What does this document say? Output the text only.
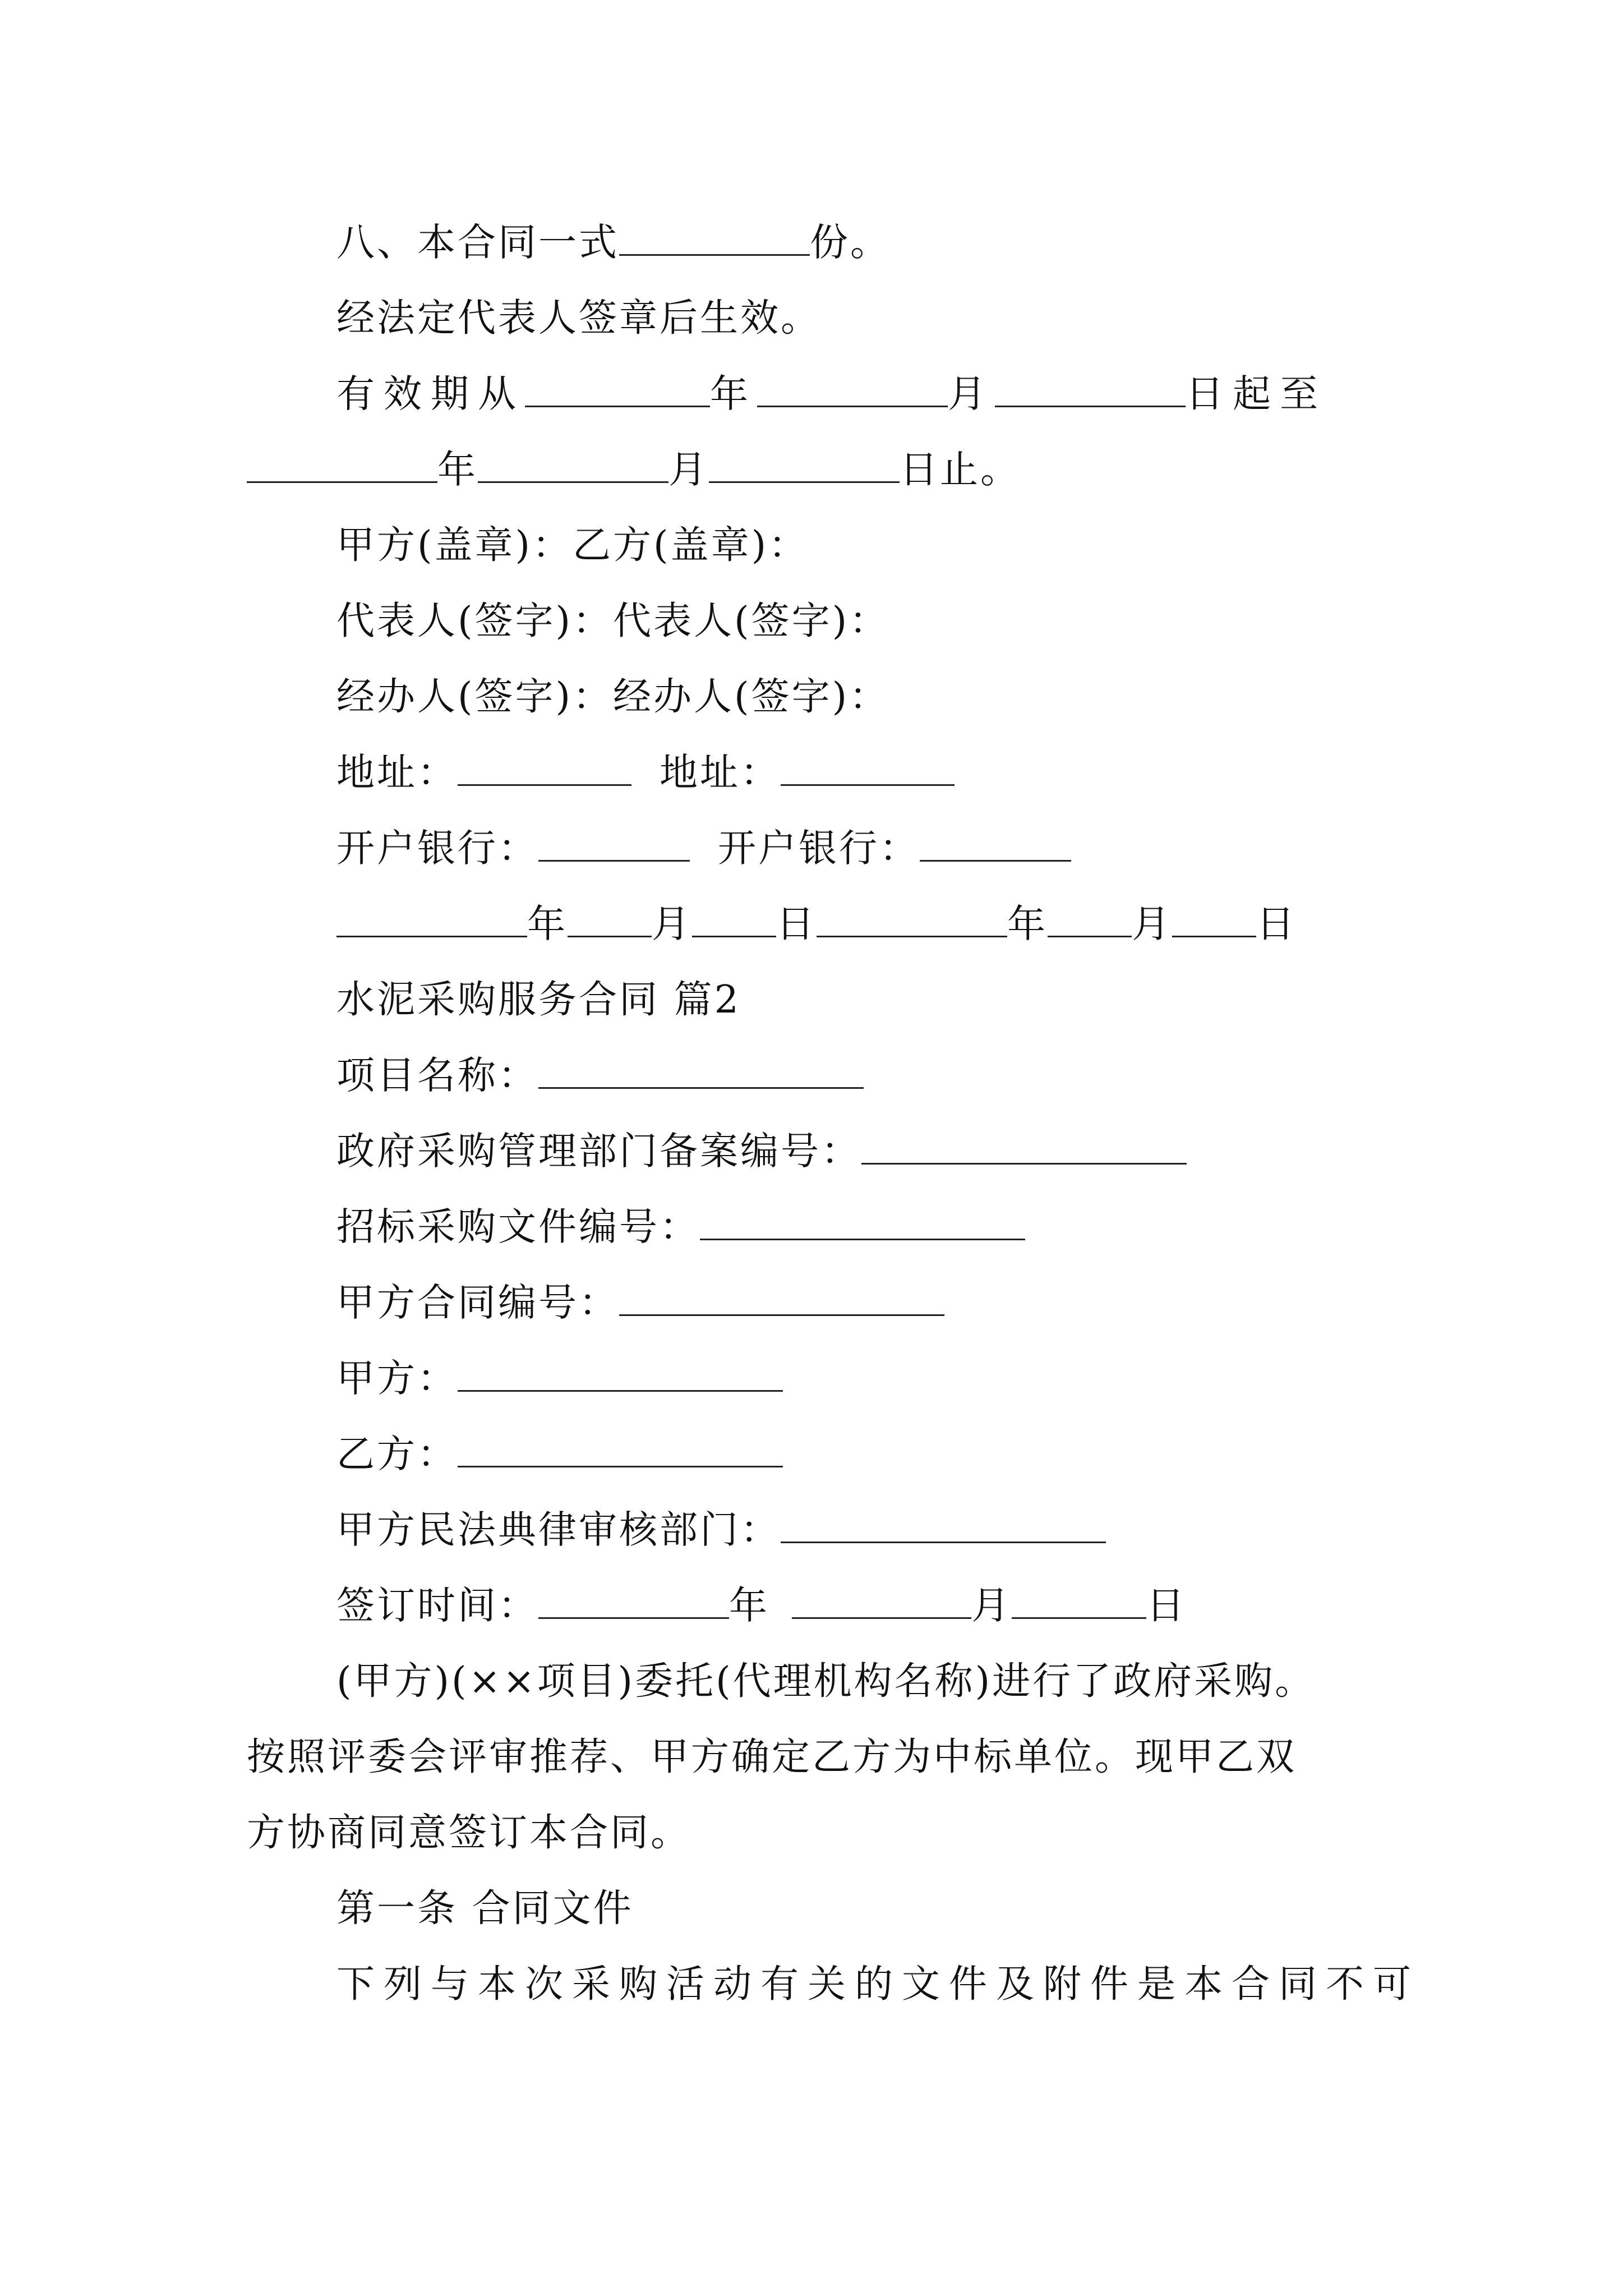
八、本合同一式	份。
经法定代表人签章后生效。
有效期从	年	月	日起至
年	月	日止。
甲方(盖章)：乙方(盖章)：
代表人(签字)：代表人(签字)：
经办人(签字)：经办人(签字)：
地址：	地址：
开户银行：	开户银行：
年 月 日	年 月 日
水泥采购服务合同 篇2
项目名称：
政府采购管理部门备案编号：
招标采购文件编号：
甲方合同编号：
甲方：
乙方：
甲方民法典律审核部门：
签订时间：	年	月	日
(甲方)(××项目)委托(代理机构名称)进行了政府采购。
按照评委会评审推荐、甲方确定乙方为中标单位。现甲乙双
方协商同意签订本合同。
第一条 合同文件
下列与本次采购活动有关的文件及附件是本合同不可
